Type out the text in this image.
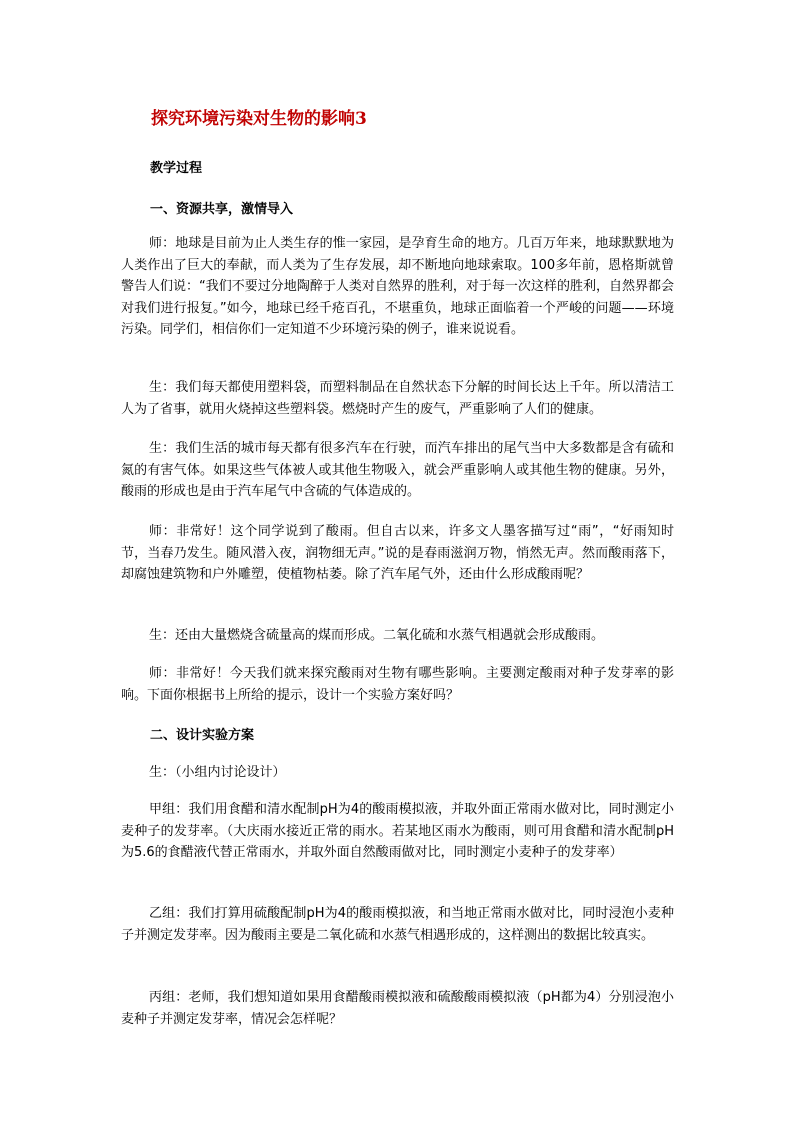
探究环境污染对生物的影响3
教学过程
一、资源共享，激情导入
师：地球是目前为止人类生存的惟一家园，是孕育生命的地方。几百万年来，地球默默地为人类作出了巨大的奉献，而人类为了生存发展，却不断地向地球索取。100多年前，恩格斯就曾警告人们说：“我们不要过分地陶醉于人类对自然界的胜利，对于每一次这样的胜利，自然界都会对我们进行报复。”如今，地球已经千疮百孔，不堪重负，地球正面临着一个严峻的问题——环境污染。同学们，相信你们一定知道不少环境污染的例子，谁来说说看。
生：我们每天都使用塑料袋，而塑料制品在自然状态下分解的时间长达上千年。所以清洁工人为了省事，就用火烧掉这些塑料袋。燃烧时产生的废气，严重影响了人们的健康。
生：我们生活的城市每天都有很多汽车在行驶，而汽车排出的尾气当中大多数都是含有硫和氮的有害气体。如果这些气体被人或其他生物吸入，就会严重影响人或其他生物的健康。另外，酸雨的形成也是由于汽车尾气中含硫的气体造成的。
师：非常好！这个同学说到了酸雨。但自古以来，许多文人墨客描写过“雨”，“好雨知时节，当春乃发生。随风潜入夜，润物细无声。”说的是春雨滋润万物，悄然无声。然而酸雨落下，却腐蚀建筑物和户外雕塑，使植物枯萎。除了汽车尾气外，还由什么形成酸雨呢？
生：还由大量燃烧含硫量高的煤而形成。二氧化硫和水蒸气相遇就会形成酸雨。
师：非常好！今天我们就来探究酸雨对生物有哪些影响。主要测定酸雨对种子发芽率的影响。下面你根据书上所给的提示，设计一个实验方案好吗？
二、设计实验方案
生：（小组内讨论设计）
甲组：我们用食醋和清水配制pH为4的酸雨模拟液，并取外面正常雨水做对比，同时测定小麦种子的发芽率。（大庆雨水接近正常的雨水。若某地区雨水为酸雨，则可用食醋和清水配制pH为5.6的食醋液代替正常雨水，并取外面自然酸雨做对比，同时测定小麦种子的发芽率）
乙组：我们打算用硫酸配制pH为4的酸雨模拟液，和当地正常雨水做对比，同时浸泡小麦种子并测定发芽率。因为酸雨主要是二氧化硫和水蒸气相遇形成的，这样测出的数据比较真实。
丙组：老师，我们想知道如果用食醋酸雨模拟液和硫酸酸雨模拟液（pH都为4）分别浸泡小麦种子并测定发芽率，情况会怎样呢？
